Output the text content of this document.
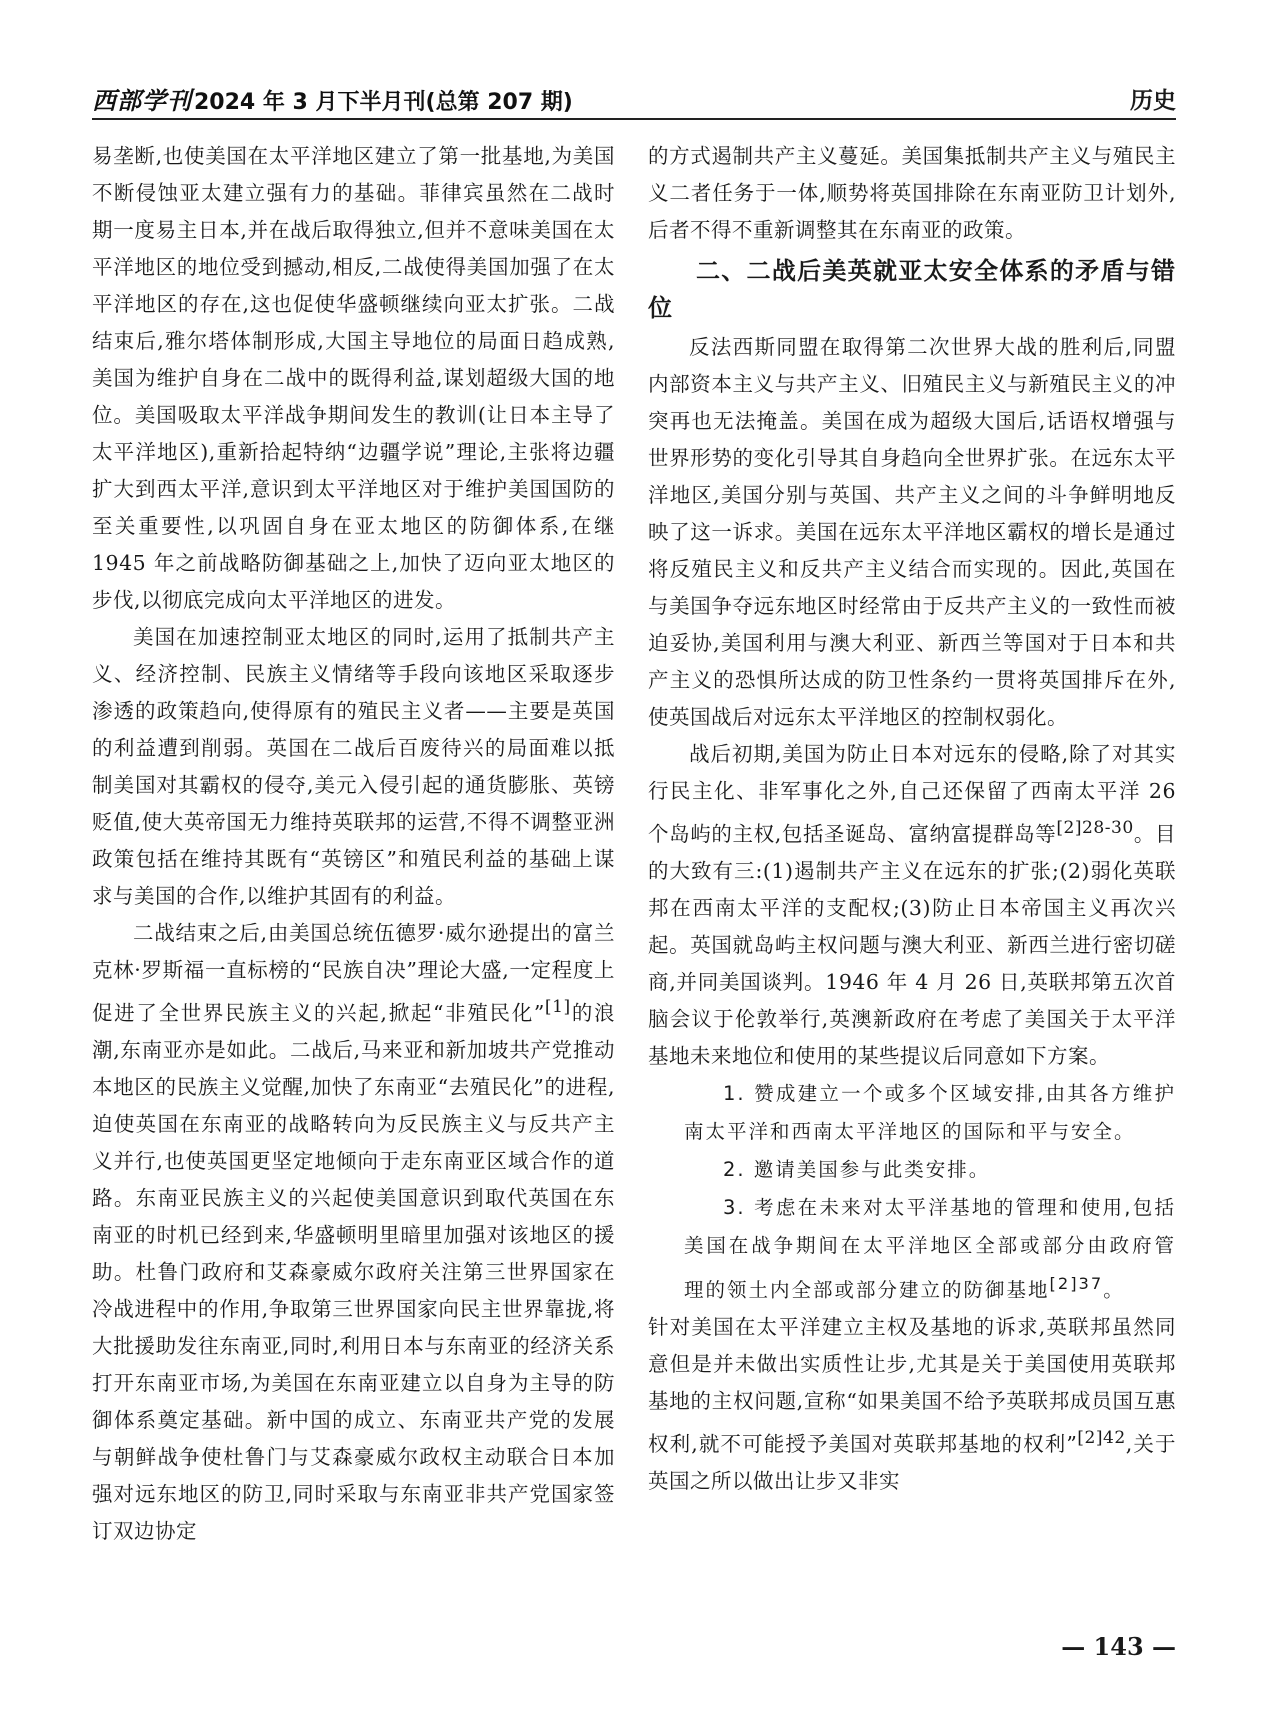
西部学刊2024 年 3 月下半月刊(总第 207 期)	历史

易垄断,也使美国在太平洋地区建立了第一批基地,为美国不断侵蚀亚太建立强有力的基础。菲律宾虽然在二战时期一度易主日本,并在战后取得独立,但并不意味美国在太平洋地区的地位受到撼动,相反,二战使得美国加强了在太平洋地区的存在,这也促使华盛顿继续向亚太扩张。二战结束后,雅尔塔体制形成,大国主导地位的局面日趋成熟,美国为维护自身在二战中的既得利益,谋划超级大国的地位。美国吸取太平洋战争期间发生的教训(让日本主导了太平洋地区),重新拾起特纳“边疆学说”理论,主张将边疆扩大到西太平洋,意识到太平洋地区对于维护美国国防的至关重要性,以巩固自身在亚太地区的防御体系,在继 1945 年之前战略防御基础之上,加快了迈向亚太地区的步伐,以彻底完成向太平洋地区的进发。

美国在加速控制亚太地区的同时,运用了抵制共产主义、经济控制、民族主义情绪等手段向该地区采取逐步渗透的政策趋向,使得原有的殖民主义者——主要是英国的利益遭到削弱。英国在二战后百废待兴的局面难以抵制美国对其霸权的侵夺,美元入侵引起的通货膨胀、英镑贬值,使大英帝国无力维持英联邦的运营,不得不调整亚洲政策包括在维持其既有“英镑区”和殖民利益的基础上谋求与美国的合作,以维护其固有的利益。

二战结束之后,由美国总统伍德罗·威尔逊提出的富兰克林·罗斯福一直标榜的“民族自决”理论大盛,一定程度上促进了全世界民族主义的兴起,掀起“非殖民化”[1]的浪潮,东南亚亦是如此。二战后,马来亚和新加坡共产党推动本地区的民族主义觉醒,加快了东南亚“去殖民化”的进程,迫使英国在东南亚的战略转向为反民族主义与反共产主义并行,也使英国更坚定地倾向于走东南亚区域合作的道路。东南亚民族主义的兴起使美国意识到取代英国在东南亚的时机已经到来,华盛顿明里暗里加强对该地区的援助。杜鲁门政府和艾森豪威尔政府关注第三世界国家在冷战进程中的作用,争取第三世界国家向民主世界靠拢,将大批援助发往东南亚,同时,利用日本与东南亚的经济关系打开东南亚市场,为美国在东南亚建立以自身为主导的防御体系奠定基础。新中国的成立、东南亚共产党的发展与朝鲜战争使杜鲁门与艾森豪威尔政权主动联合日本加强对远东地区的防卫,同时采取与东南亚非共产党国家签订双边协定

的方式遏制共产主义蔓延。美国集抵制共产主义与殖民主义二者任务于一体,顺势将英国排除在东南亚防卫计划外,后者不得不重新调整其在东南亚的政策。

二、二战后美英就亚太安全体系的矛盾与错位

反法西斯同盟在取得第二次世界大战的胜利后,同盟内部资本主义与共产主义、旧殖民主义与新殖民主义的冲突再也无法掩盖。美国在成为超级大国后,话语权增强与世界形势的变化引导其自身趋向全世界扩张。在远东太平洋地区,美国分别与英国、共产主义之间的斗争鲜明地反映了这一诉求。美国在远东太平洋地区霸权的增长是通过将反殖民主义和反共产主义结合而实现的。因此,英国在与美国争夺远东地区时经常由于反共产主义的一致性而被迫妥协,美国利用与澳大利亚、新西兰等国对于日本和共产主义的恐惧所达成的防卫性条约一贯将英国排斥在外,使英国战后对远东太平洋地区的控制权弱化。

战后初期,美国为防止日本对远东的侵略,除了对其实行民主化、非军事化之外,自己还保留了西南太平洋 26 个岛屿的主权,包括圣诞岛、富纳富提群岛等$^{[2]28-30}$。目的大致有三:(1)遏制共产主义在远东的扩张;(2)弱化英联邦在西南太平洋的支配权;(3)防止日本帝国主义再次兴起。英国就岛屿主权问题与澳大利亚、新西兰进行密切磋商,并同美国谈判。1946 年 4 月 26 日,英联邦第五次首脑会议于伦敦举行,英澳新政府在考虑了美国关于太平洋基地未来地位和使用的某些提议后同意如下方案。

1. 赞成建立一个或多个区域安排,由其各方维护南太平洋和西南太平洋地区的国际和平与安全。

2. 邀请美国参与此类安排。

3. 考虑在未来对太平洋基地的管理和使用,包括美国在战争期间在太平洋地区全部或部分由政府管理的领土内全部或部分建立的防御基地$^{[2]37}$。

针对美国在太平洋建立主权及基地的诉求,英联邦虽然同意但是并未做出实质性让步,尤其是关于美国使用英联邦基地的主权问题,宣称“如果美国不给予英联邦成员国互惠权利,就不可能授予美国对英联邦基地的权利”$^{[2]42}$,关于英国之所以做出让步又非实

— 143 —
